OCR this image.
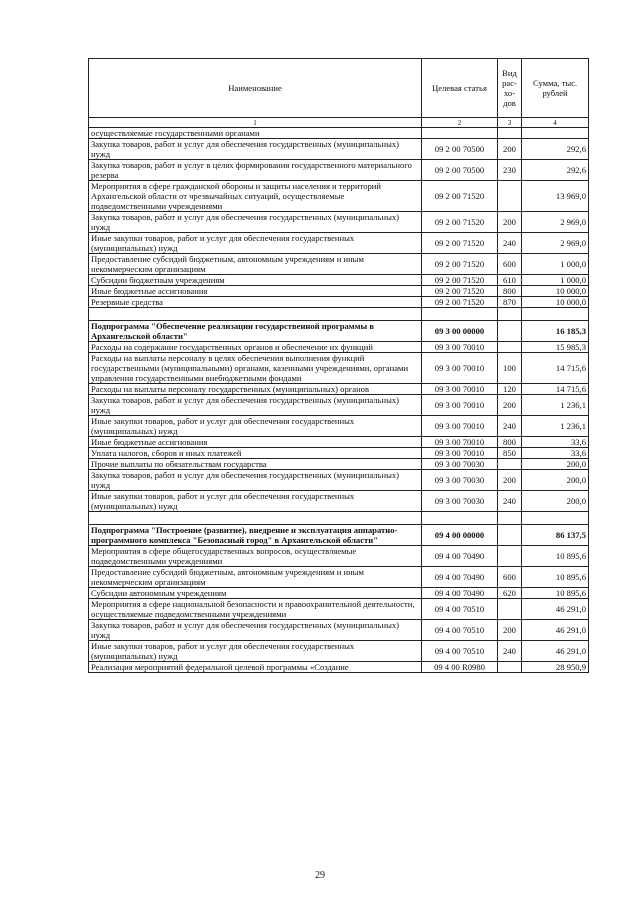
Наименование	Целевая статья	Вид рас- хо- дов	Сумма, тыс. рублей
1	2	3	4
осуществляемые государственными органами			
Закупка товаров, работ и услуг для обеспечения государственных (муниципальных) нужд	09 2 00 70500	200	292,6
Закупка товаров, работ и услуг в целях формирования государственного материального резерва	09 2 00 70500	230	292,6
Мероприятия в сфере гражданской обороны и защиты населения и территорий Архангельской области от чрезвычайных ситуаций, осуществляемые подведомственными учреждениями	09 2 00 71520		13 969,0
Закупка товаров, работ и услуг для обеспечения государственных (муниципальных) нужд	09 2 00 71520	200	2 969,0
Иные закупки товаров, работ и услуг для обеспечения государственных (муниципальных) нужд	09 2 00 71520	240	2 969,0
Предоставление субсидий бюджетным, автономным учреждениям и иным некоммерческим организациям	09 2 00 71520	600	1 000,0
Субсидии бюджетным учреждениям	09 2 00 71520	610	1 000,0
Иные бюджетные ассигнования	09 2 00 71520	800	10 000,0
Резервные средства	09 2 00 71520	870	10 000,0

Подпрограмма "Обеспечение реализации государственной программы в Архангельской области"	09 3 00 00000		16 185,3
Расходы на содержание государственных органов и обеспечение их функций	09 3 00 70010		15 985,3
Расходы на выплаты персоналу в целях обеспечения выполнения функций государственными (муниципальными) органами, казенными учреждениями, органами управления государственными внебюджетными фондами	09 3 00 70010	100	14 715,6
Расходы на выплаты персоналу государственных (муниципальных) органов	09 3 00 70010	120	14 715,6
Закупка товаров, работ и услуг для обеспечения государственных (муниципальных) нужд	09 3 00 70010	200	1 236,1
Иные закупки товаров, работ и услуг для обеспечения государственных (муниципальных) нужд	09 3 00 70010	240	1 236,1
Иные бюджетные ассигнования	09 3 00 70010	800	33,6
Уплата налогов, сборов и иных платежей	09 3 00 70010	850	33,6
Прочие выплаты по обязательствам государства	09 3 00 70030		200,0
Закупка товаров, работ и услуг для обеспечения государственных (муниципальных) нужд	09 3 00 70030	200	200,0
Иные закупки товаров, работ и услуг для обеспечения государственных (муниципальных) нужд	09 3 00 70030	240	200,0

Подпрограмма "Построение (развитие), внедрение и эксплуатация аппаратно-программного комплекса "Безопасный город" в Архангельской области"	09 4 00 00000		86 137,5
Мероприятия в сфере общегосударственных вопросов, осуществляемые подведомственными учреждениями	09 4 00 70490		10 895,6
Предоставление субсидий бюджетным, автономным учреждениям и иным некоммерческим организациям	09 4 00 70490	600	10 895,6
Субсидии автономным учреждениям	09 4 00 70490	620	10 895,6
Мероприятия в сфере национальной безопасности и правоохранительной деятельности, осуществляемые подведомственными учреждениями	09 4 00 70510		46 291,0
Закупка товаров, работ и услуг для обеспечения государственных (муниципальных) нужд	09 4 00 70510	200	46 291,0
Иные закупки товаров, работ и услуг для обеспечения государственных (муниципальных) нужд	09 4 00 70510	240	46 291,0
Реализация мероприятий федеральной целевой программы «Создание	09 4 00 R0980		28 950,9
29
